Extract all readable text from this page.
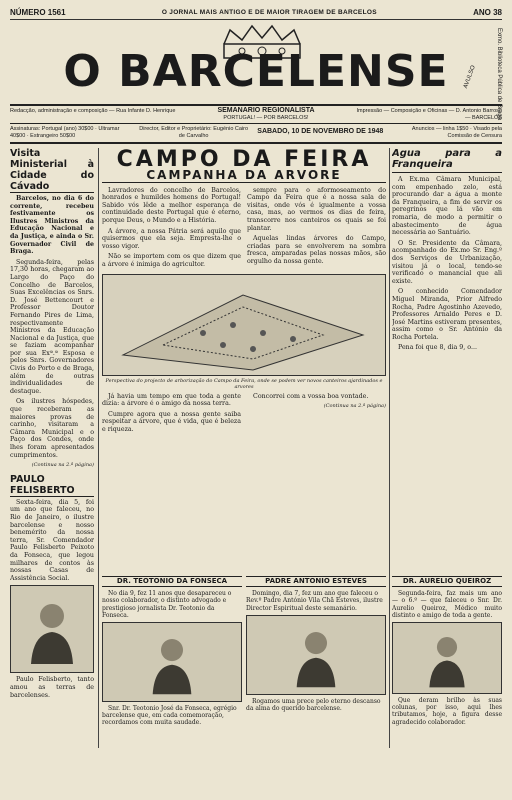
NÚMERO 1561	O JORNAL MAIS ANTIGO E DE MAIOR TIRAGEM DE BARCELOS	ANO 38
O BARCELENSE	Exmo. Biblioteca Pública de Braga
AVULSO
Redacção, administração e composição — Rua Infante D. Henrique	SEMANARIO REGIONALISTA
PORTUGAL! — POR BARCELOS!
Impressão — Composição e Oficinas — D. Antonio Barroso — BARCELOS
Assinaturas: Portugal (ano) 30$00 · Ultramar 40$00 · Estrangeiro 50$00
Director, Editor e Proprietário: Eugénio Cairo de Carvalho
SABADO, 10 DE NOVEMBRO DE 1948	Anuncios — linha 1$50 · Visado pela Comissão de Censura
Visita Ministerial à Cidade do Cávado

Barcelos, no dia 6 do corrente, recebeu festivamente os Ilustres Ministros da Educação Nacional e da Justiça, e ainda o Sr. Governador Civil de Braga.

Segunda-feira, pelas 17,30 horas, chegaram ao Largo do Paço do Concelho de Barcelos, Suas Excelências os Snrs. D. José Bettencourt e Professor Doutor Fernando Pires de Lima, respectivamente Ministros da Educação Nacional e da Justiça, que se faziam acompanhar por sua Exª.ª Esposa e pelos Snrs. Governadores Civis do Porto e de Braga, além de outras individualidades de destaque.

Os ilustres hóspedes, que receberam as maiores provas de carinho, visitaram a Câmara Municipal e o Paço dos Condes, onde lhes foram apresentados cumprimentos.

(Continua na 2.ª página)
PAULO FELISBERTO

Sexta-feira, dia 5, foi um ano que faleceu, no Rio de Janeiro, o ilustre barcelense e nosso benemérito da nossa terra, Sr. Comendador Paulo Felisberto Peixoto da Fonseca, que legou milhares de contos às nossas Casas de Assistência Social.

Paulo Felisberto, tanto amou as terras de barcelenses.

CAMPO DA FEIRA
CAMPANHA DA ARVORE

Lavradores do concelho de Barcelos, honrados e humildes homens do Portugal! Sabido vós lêde a melhor esperança de continuidade deste Portugal que é eterno, porque Deus, o Mundo e a História.

A árvore, a nossa Pátria será aquilo que quisermos que ela seja. Empresta-lhe o vosso vigor.

Não se importem com os que dizem que a árvore é inimiga do agricultor.

sempre para o aformoseamento do Campo da Feira que é a nossa sala de visitas, onde vós é igualmente a vossa casa, mas, ao vermos os dias de feira, transcorre nos canteiros os quais se foi plantar.

Aquelas lindas árvores do Campo, criadas para se envolverem na sombra fresca, amparadas pelas nossas mãos, são orgulho da nossa gente.

Perspectiva do projecto de arborização do Campo da Feira, onde se podem ver novos canteiros ajardinados e arvores

Já havia um tempo em que toda a gente dizia: a árvore é o amigo da nossa terra.

Cumpre agora que a nossa gente saiba respeitar a árvore, que é vida, que é beleza e riqueza.

Concorrei com a vossa boa vontade.

(Continua na 2.ª página)
Agua para a Franqueira

A Ex.ma Câmara Municipal, com empenhado zelo, está procurando dar a água a monte da Franqueira, a fim de servir os peregrinos que lá vão em romaria, de modo a permitir o abastecimento de água necessária ao Santuário.

O Sr. Presidente da Câmara, acompanhado do Ex.mo Sr. Eng.º dos Serviços de Urbanização, visitou já o local, tendo-se verificado o manancial que ali existe.

O conhecido Comendador Miguel Miranda, Prior Alfredo Rocha, Padre Agostinho Azevedo, Professores Arnaldo Peres e D. José Martins estiveram presentes, assim como o Sr. António da Rocha Portela.

Pena foi que 8, dia 9, o...

DR. TEOTONIO DA FONSECA

No dia 9, fez 11 anos que desapareceu o nosso colaborador, o distinto advogado e prestigioso jornalista Dr. Teotonio da Fonseca.

Snr. Dr. Teotonio José da Fonseca, egrégio barcelense que, em cada comemoração, recordamos com muita saudade.

PADRE ANTONIO ESTEVES

Domingo, dia 7, fez um ano que faleceu o Rev.º Padre António Vila Chã Esteves, ilustre Director Espiritual deste semanário.

Rogamos uma prece pelo eterno descanso da alma do querido barcelense.

DR. AURELIO QUEIROZ

Segunda-feira, faz mais um ano — o 6.º — que faleceu o Snr. Dr. Aurelio Queiroz, Médico muito distinto e amigo de toda a gente.

Que deram brilho às suas colunas, por isso, aqui lhes tributamos, hoje, a figura desse agradecido colaborador.
